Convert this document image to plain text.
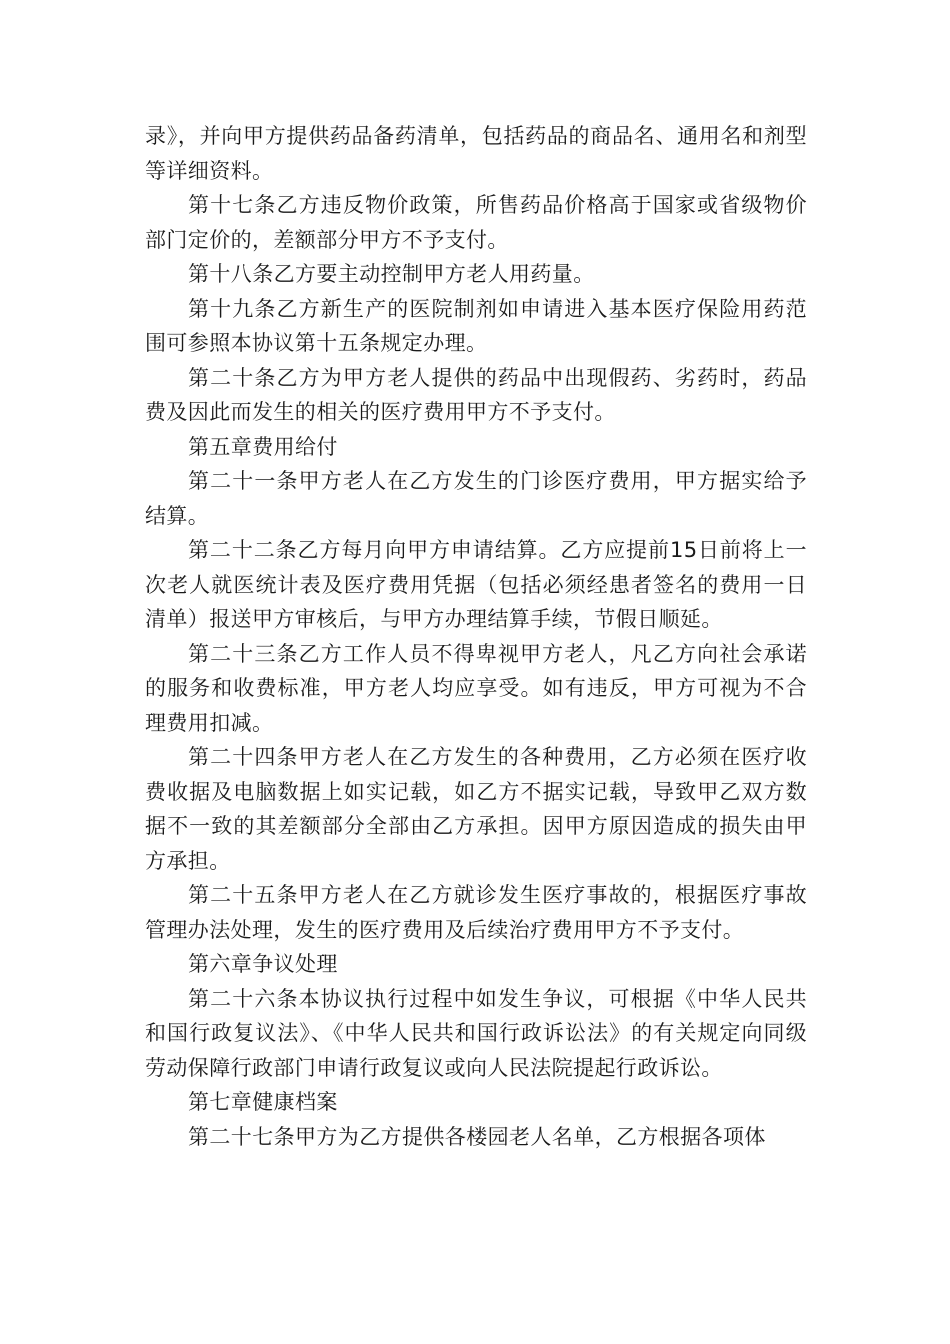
录》，并向甲方提供药品备药清单，包括药品的商品名、通用名和剂型等详细资料。

第十七条乙方违反物价政策，所售药品价格高于国家或省级物价部门定价的，差额部分甲方不予支付。

第十八条乙方要主动控制甲方老人用药量。

第十九条乙方新生产的医院制剂如申请进入基本医疗保险用药范围可参照本协议第十五条规定办理。

第二十条乙方为甲方老人提供的药品中出现假药、劣药时，药品费及因此而发生的相关的医疗费用甲方不予支付。

第五章费用给付

第二十一条甲方老人在乙方发生的门诊医疗费用，甲方据实给予结算。

第二十二条乙方每月向甲方申请结算。乙方应提前15日前将上一次老人就医统计表及医疗费用凭据（包括必须经患者签名的费用一日清单）报送甲方审核后，与甲方办理结算手续，节假日顺延。

第二十三条乙方工作人员不得卑视甲方老人，凡乙方向社会承诺的服务和收费标准，甲方老人均应享受。如有违反，甲方可视为不合理费用扣减。

第二十四条甲方老人在乙方发生的各种费用，乙方必须在医疗收费收据及电脑数据上如实记载，如乙方不据实记载，导致甲乙双方数据不一致的其差额部分全部由乙方承担。因甲方原因造成的损失由甲方承担。

第二十五条甲方老人在乙方就诊发生医疗事故的，根据医疗事故管理办法处理，发生的医疗费用及后续治疗费用甲方不予支付。

第六章争议处理

第二十六条本协议执行过程中如发生争议，可根据《中华人民共和国行政复议法》、《中华人民共和国行政诉讼法》的有关规定向同级劳动保障行政部门申请行政复议或向人民法院提起行政诉讼。

第七章健康档案

第二十七条甲方为乙方提供各楼园老人名单，乙方根据各项体
